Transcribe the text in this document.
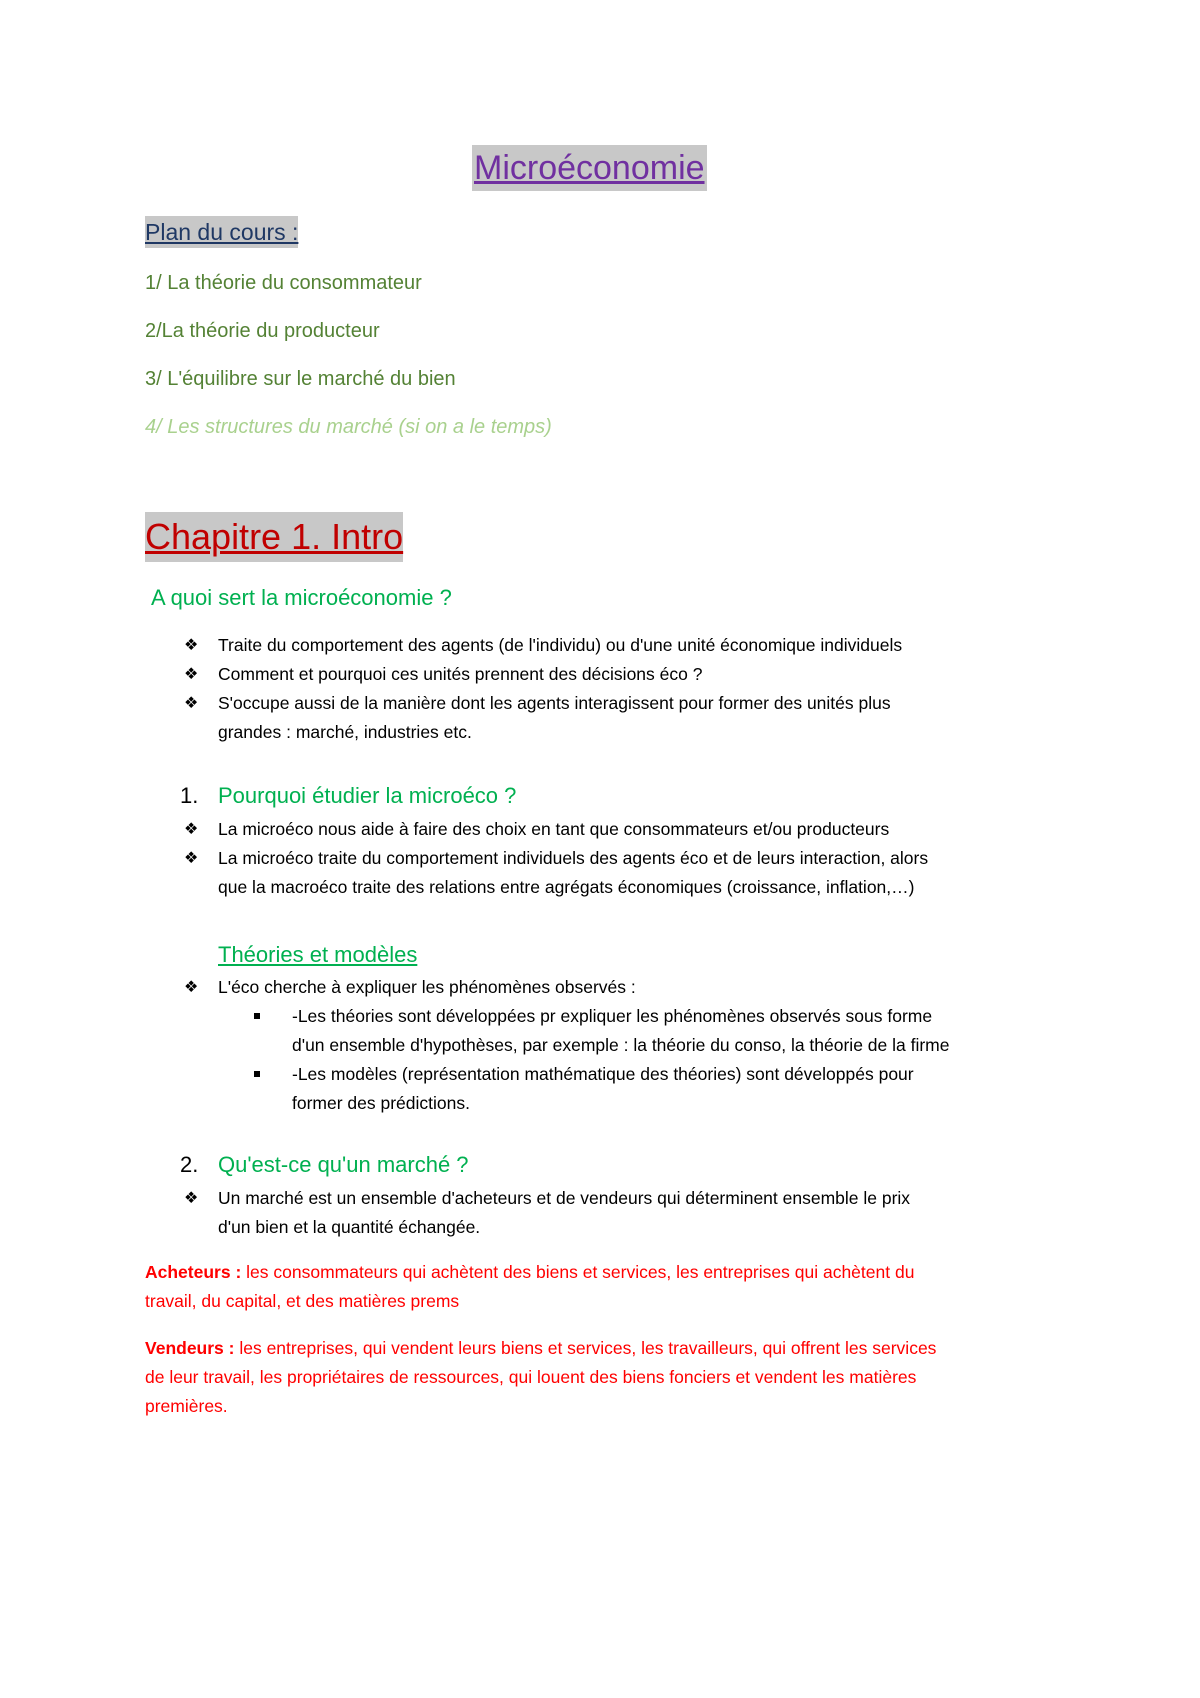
Microéconomie
Plan du cours :
1/ La théorie du consommateur
2/La théorie du producteur
3/ L'équilibre sur le marché du bien
4/ Les structures du marché (si on a le temps)
Chapitre 1. Intro
A quoi sert la microéconomie ?
❖ Traite du comportement des agents (de l'individu) ou d'une unité économique individuels
❖ Comment et pourquoi ces unités prennent des décisions éco ?
❖ S'occupe aussi de la manière dont les agents interagissent pour former des unités plus
grandes : marché, industries etc.
1. Pourquoi étudier la microéco ?
❖ La microéco nous aide à faire des choix en tant que consommateurs et/ou producteurs
❖ La microéco traite du comportement individuels des agents éco et de leurs interaction, alors
que la macroéco traite des relations entre agrégats économiques (croissance, inflation,…)
Théories et modèles
❖ L'éco cherche à expliquer les phénomènes observés :
-Les théories sont développées pr expliquer les phénomènes observés sous forme
d'un ensemble d'hypothèses, par exemple : la théorie du conso, la théorie de la firme
-Les modèles (représentation mathématique des théories) sont développés pour
former des prédictions.
2. Qu'est-ce qu'un marché ?
❖ Un marché est un ensemble d'acheteurs et de vendeurs qui déterminent ensemble le prix
d'un bien et la quantité échangée.
Acheteurs : les consommateurs qui achètent des biens et services, les entreprises qui achètent du
travail, du capital, et des matières prems
Vendeurs : les entreprises, qui vendent leurs biens et services, les travailleurs, qui offrent les services
de leur travail, les propriétaires de ressources, qui louent des biens fonciers et vendent les matières
premières.
